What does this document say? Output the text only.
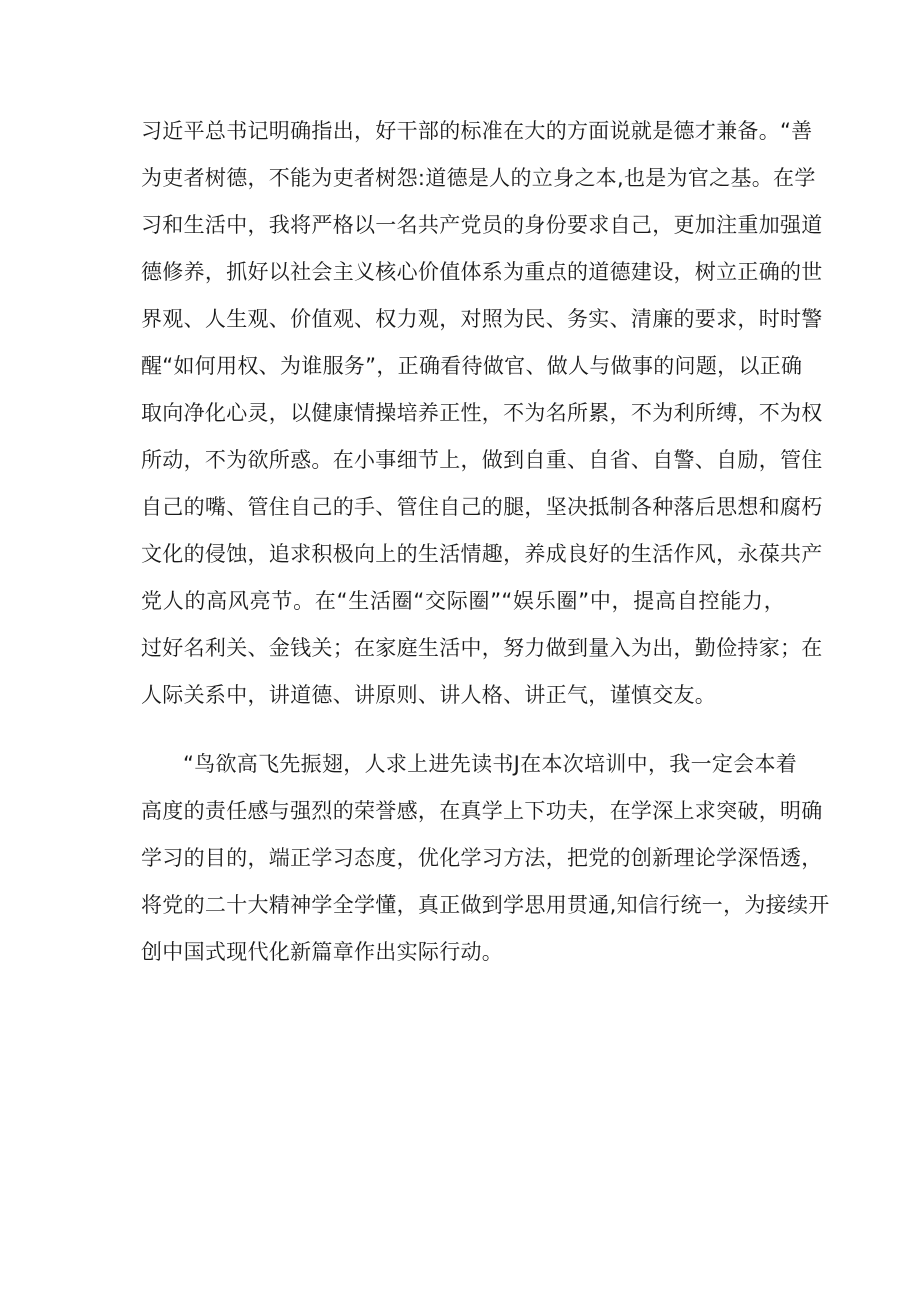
习近平总书记明确指出，好干部的标准在大的方面说就是德才兼备。“善
为吏者树德，不能为吏者树怨:道德是人的立身之本,也是为官之基。在学
习和生活中，我将严格以一名共产党员的身份要求自己，更加注重加强道
德修养，抓好以社会主义核心价值体系为重点的道德建设，树立正确的世
界观、人生观、价值观、权力观，对照为民、务实、清廉的要求，时时警
醒“如何用权、为谁服务”，正确看待做官、做人与做事的问题，以正确
取向净化心灵，以健康情操培养正性，不为名所累，不为利所缚，不为权
所动，不为欲所惑。在小事细节上，做到自重、自省、自警、自励，管住
自己的嘴、管住自己的手、管住自己的腿，坚决抵制各种落后思想和腐朽
文化的侵蚀，追求积极向上的生活情趣，养成良好的生活作风，永葆共产
党人的高风亮节。在“生活圈“交际圈”“娱乐圈”中，提高自控能力，
过好名利关、金钱关；在家庭生活中，努力做到量入为出，勤俭持家；在
人际关系中，讲道德、讲原则、讲人格、讲正气，谨慎交友。
“鸟欲高飞先振翅，人求上进先读书J在本次培训中，我一定会本着
高度的责任感与强烈的荣誉感，在真学上下功夫，在学深上求突破，明确
学习的目的，端正学习态度，优化学习方法，把党的创新理论学深悟透，
将党的二十大精神学全学懂，真正做到学思用贯通,知信行统一，为接续开
创中国式现代化新篇章作出实际行动。
